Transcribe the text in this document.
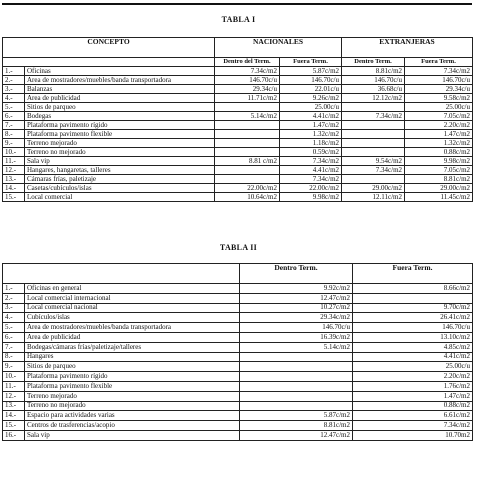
TABLA I
CONCEPTO		NACIONALES		EXTRANJERAS	
		Dentro del Term.	Fuera Term.	Dentro Term.	Fuera Term.
1.-	Oficinas	7.34c/m2	5.87c/m2	8.81c/m2	7.34c/m2
2.-	Area de mostradores/muebles/banda transportadora	146.70c/u	146.70c/u	146.70c/u	146.70c/u
3.-	Balanzas	29.34c/u	22.01c/u	36.68c/u	29.34c/u
4.-	Area de publicidad	11.71c/m2	9.26c/m2	12.12c/m2	9.58c/m2
5.-	Sitios de parqueo		25.00c/u		25.00c/u
6.-	Bodegas	5.14c/m2	4.41c/m2	7.34c/m2	7.05c/m2
7.-	Plataforma pavimento rígido		1.47c/m2		2.20c/m2
8.-	Plataforma pavimento flexible		1.32c/m2		1.47c/m2
9.-	Terreno mejorado		1.18c/m2		1.32c/m2
10.-	Terreno no mejorado		0.59c/m2		0.88c/m2
11.-	Sala vip	8.81 c/m2	7.34c/m2	9.54c/m2	9.98c/m2
12.-	Hangares, hangaretas, talleres		4.41c/m2	7.34c/m2	7.05c/m2
13.-	Cámaras frías, paletizaje		7.34c/m2		8.81c/m2
14.-	Casetas/cubículos/islas	22.00c/m2	22.00c/m2	29.00c/m2	29.00c/m2
15.-	Local comercial	10.64c/m2	9.98c/m2	12.11c/m2	11.45c/m2
TABLA II
		Dentro Term.	Fuera Term.
1.-	Oficinas en general	9.92c/m2	8.66c/m2
2.-	Local comercial internacional	12.47c/m2	
3.-	Local comercial nacional	10.27c/m2	9.70c/m2
4.-	Cubículos/islas	29.34c/m2	26.41c/m2
5.-	Area de mostradores/muebles/banda transportadora	146.70c/u	146.70c/u
6.-	Area de publicidad	16.39c/m2	13.10c/m2
7.-	Bodegas/cámaras frías/paletizaje/talleres	5.14c/m2	4.85c/m2
8.-	Hangares		4.41c/m2
9.-	Sitios de parqueo		25.00c/u
10.-	Plataforma pavimento rígido		2.20c/m2
11.-	Plataforma pavimento flexible		1.76c/m2
12.-	Terreno mejorado		1.47c/m2
13.-	Terreno no mejorado		0.88c/m2
14.-	Espacio para actividades varias	5.87c/m2	6.61c/m2
15.-	Centros de trasferencias/acopio	8.81c/m2	7.34c/m2
16.-	Sala vip	12.47c/m2	10.70m2
